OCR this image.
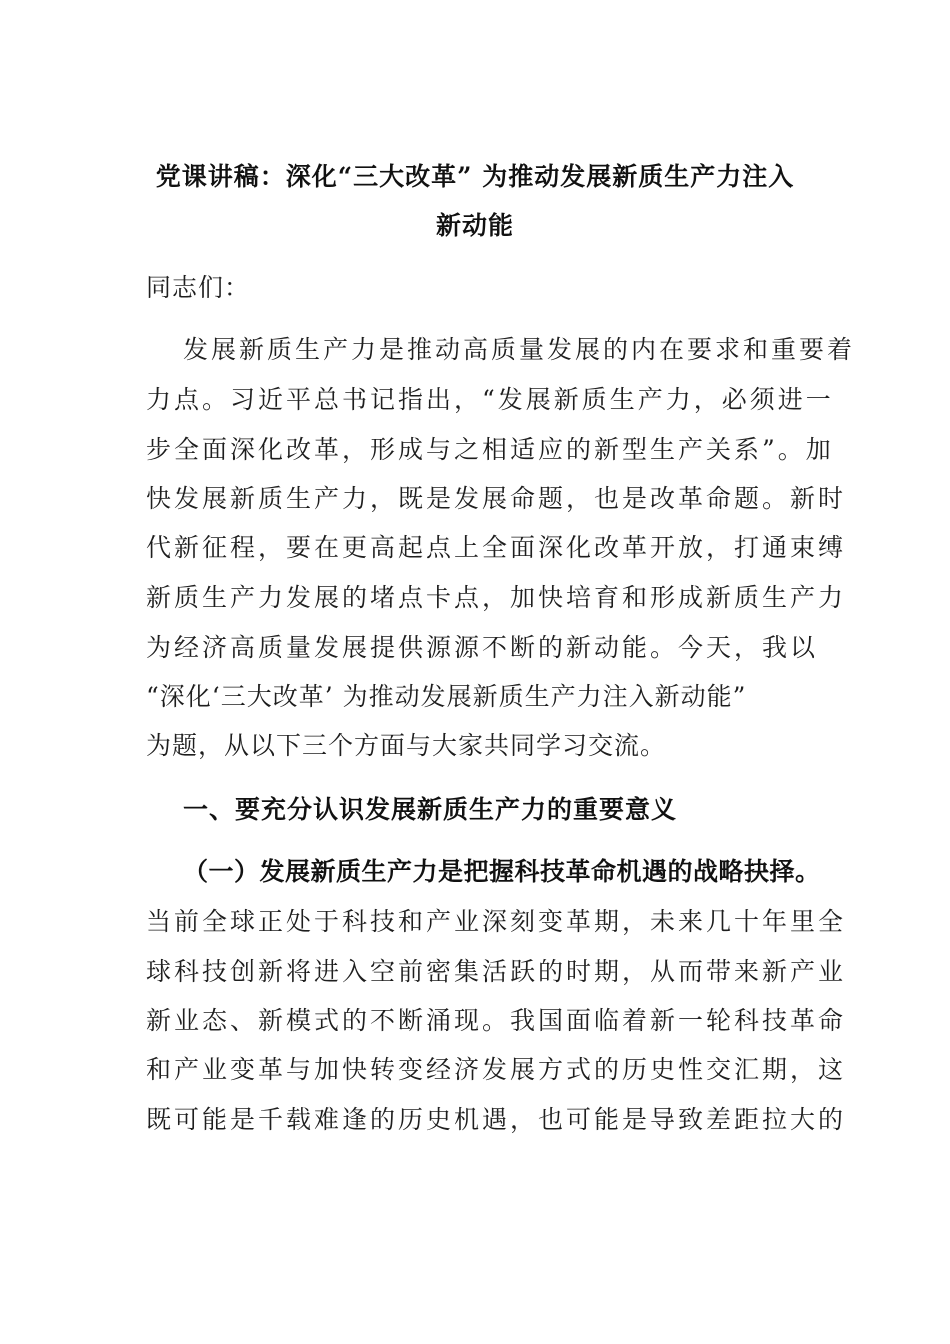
党课讲稿：深化“三大改革” 为推动发展新质生产力注入
新动能
同志们：
发展新质生产力是推动高质量发展的内在要求和重要着
力点。习近平总书记指出，“发展新质生产力，必须进一
步全面深化改革，形成与之相适应的新型生产关系”。加
快发展新质生产力，既是发展命题，也是改革命题。新时
代新征程，要在更高起点上全面深化改革开放，打通束缚
新质生产力发展的堵点卡点，加快培育和形成新质生产力
为经济高质量发展提供源源不断的新动能。今天，我以
“深化‘三大改革’ 为推动发展新质生产力注入新动能”
为题，从以下三个方面与大家共同学习交流。
一、要充分认识发展新质生产力的重要意义
（一）发展新质生产力是把握科技革命机遇的战略抉择。
当前全球正处于科技和产业深刻变革期，未来几十年里全
球科技创新将进入空前密集活跃的时期，从而带来新产业
新业态、新模式的不断涌现。我国面临着新一轮科技革命
和产业变革与加快转变经济发展方式的历史性交汇期，这
既可能是千载难逢的历史机遇，也可能是导致差距拉大的
